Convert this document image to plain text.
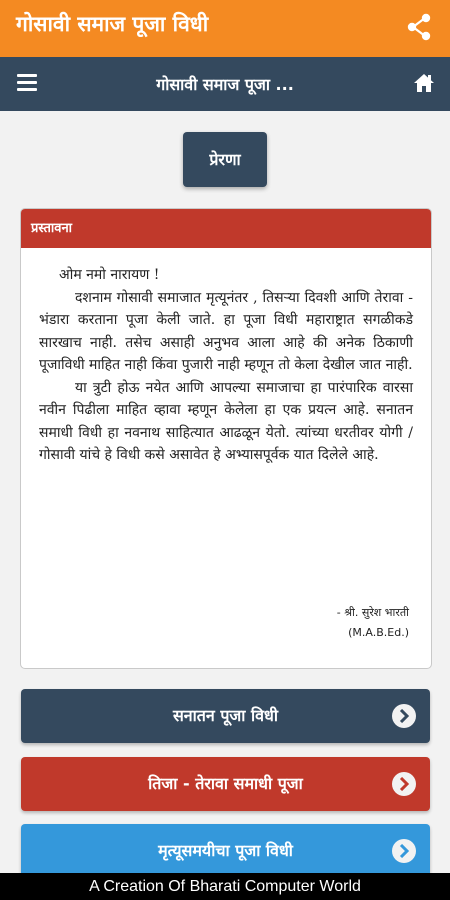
गोसावी समाज पूजा विधी
गोसावी समाज पूजा ...
प्रेरणा
प्रस्तावना

ओम नमो नारायण !

दशनाम गोसावी समाजात मृत्यूनंतर , तिसऱ्या दिवशी आणि तेरावा - भंडारा करताना पूजा केली जाते. हा पूजा विधी महाराष्ट्रात सगळीकडे सारखाच नाही. तसेच असाही अनुभव आला आहे की अनेक ठिकाणी पूजाविधी माहित नाही किंवा पुजारी नाही म्हणून तो केला देखील जात नाही.

या त्रुटी होऊ नयेत आणि आपल्या समाजाचा हा पारंपारिक वारसा नवीन पिढीला माहित व्हावा म्हणून केलेला हा एक प्रयत्न आहे. सनातन समाधी विधी हा नवनाथ साहित्यात आढळून येतो. त्यांच्या धरतीवर योगी / गोसावी यांचे हे विधी कसे असावेत हे अभ्यासपूर्वक यात दिलेले आहे.

- श्री. सुरेश भारती
(M.A.B.Ed.)
सनातन पूजा विधी
तिजा - तेरावा समाधी पूजा
मृत्यूसमयीचा पूजा विधी
A Creation Of Bharati Computer World
